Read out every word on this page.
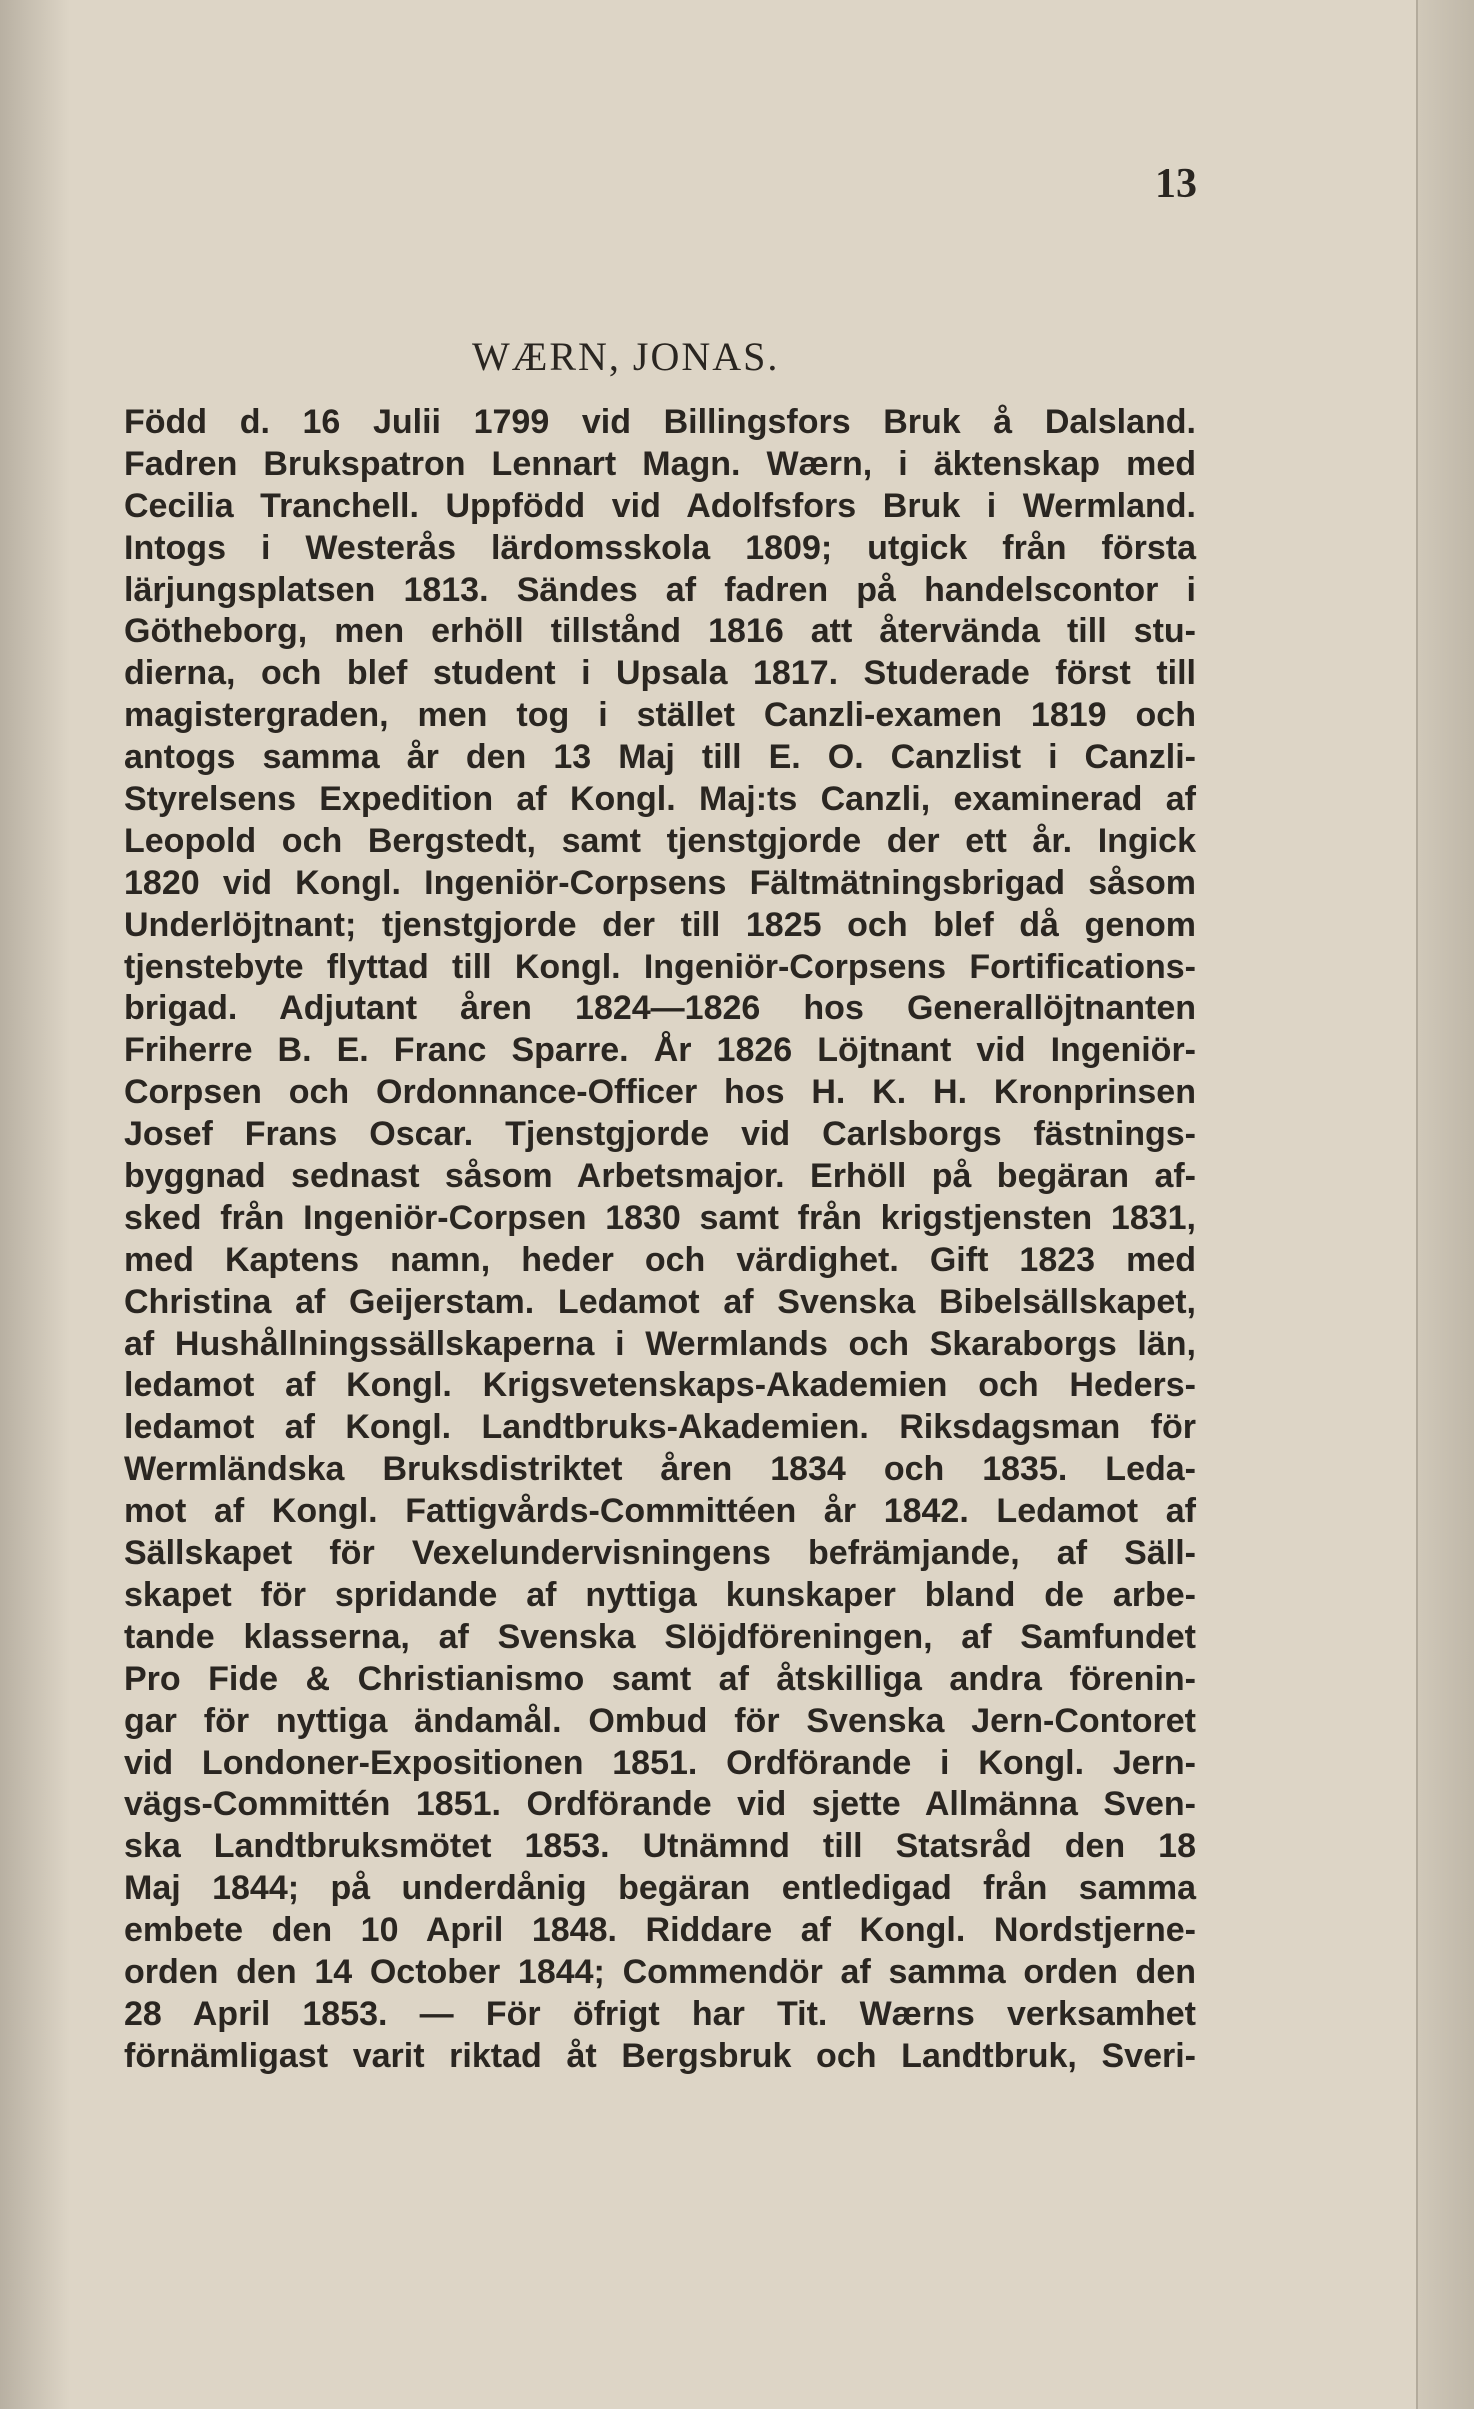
13
WÆRN, JONAS.
Född d. 16 Julii 1799 vid Billingsfors Bruk å Dalsland.
Fadren Brukspatron Lennart Magn. Wærn, i äktenskap med
Cecilia Tranchell. Uppfödd vid Adolfsfors Bruk i Wermland.
Intogs i Westerås lärdomsskola 1809; utgick från första
lärjungsplatsen 1813. Sändes af fadren på handelscontor i
Götheborg, men erhöll tillstånd 1816 att återvända till stu-
dierna, och blef student i Upsala 1817. Studerade först till
magistergraden, men tog i stället Canzli-examen 1819 och
antogs samma år den 13 Maj till E. O. Canzlist i Canzli-
Styrelsens Expedition af Kongl. Maj:ts Canzli, examinerad af
Leopold och Bergstedt, samt tjenstgjorde der ett år. Ingick
1820 vid Kongl. Ingeniör-Corpsens Fältmätningsbrigad såsom
Underlöjtnant; tjenstgjorde der till 1825 och blef då genom
tjenstebyte flyttad till Kongl. Ingeniör-Corpsens Fortifications-
brigad. Adjutant åren 1824—1826 hos Generallöjtnanten
Friherre B. E. Franc Sparre. År 1826 Löjtnant vid Ingeniör-
Corpsen och Ordonnance-Officer hos H. K. H. Kronprinsen
Josef Frans Oscar. Tjenstgjorde vid Carlsborgs fästnings-
byggnad sednast såsom Arbetsmajor. Erhöll på begäran af-
sked från Ingeniör-Corpsen 1830 samt från krigstjensten 1831,
med Kaptens namn, heder och värdighet. Gift 1823 med
Christina af Geijerstam. Ledamot af Svenska Bibelsällskapet,
af Hushållningssällskaperna i Wermlands och Skaraborgs län,
ledamot af Kongl. Krigsvetenskaps-Akademien och Heders-
ledamot af Kongl. Landtbruks-Akademien. Riksdagsman för
Wermländska Bruksdistriktet åren 1834 och 1835. Leda-
mot af Kongl. Fattigvårds-Committéen år 1842. Ledamot af
Sällskapet för Vexelundervisningens befrämjande, af Säll-
skapet för spridande af nyttiga kunskaper bland de arbe-
tande klasserna, af Svenska Slöjdföreningen, af Samfundet
Pro Fide & Christianismo samt af åtskilliga andra förenin-
gar för nyttiga ändamål. Ombud för Svenska Jern-Contoret
vid Londoner-Expositionen 1851. Ordförande i Kongl. Jern-
vägs-Committén 1851. Ordförande vid sjette Allmänna Sven-
ska Landtbruksmötet 1853. Utnämnd till Statsråd den 18
Maj 1844; på underdånig begäran entledigad från samma
embete den 10 April 1848. Riddare af Kongl. Nordstjerne-
orden den 14 October 1844; Commendör af samma orden den
28 April 1853. — För öfrigt har Tit. Wærns verksamhet
förnämligast varit riktad åt Bergsbruk och Landtbruk, Sveri-
